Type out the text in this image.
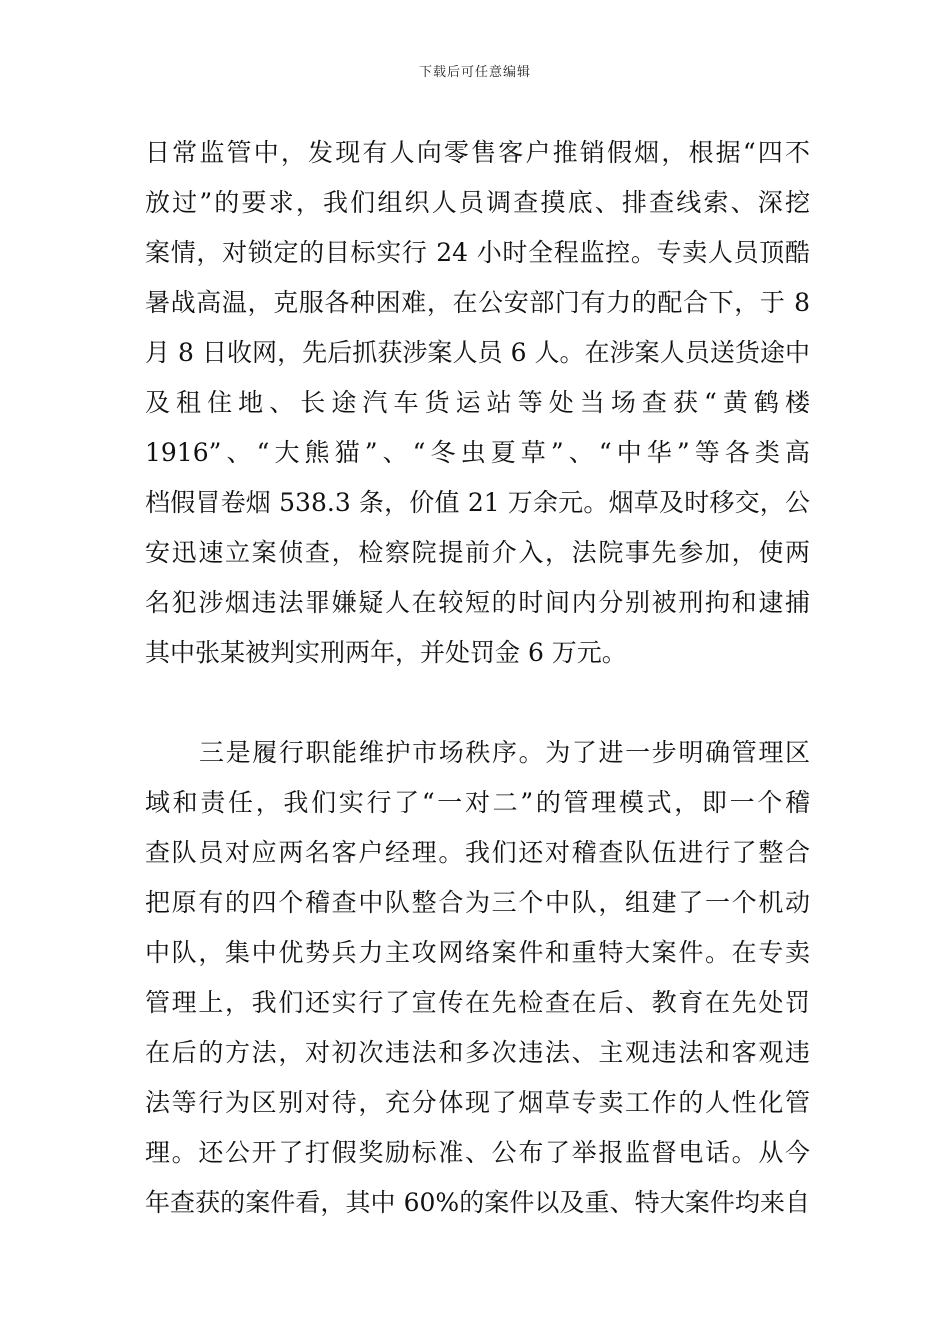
下载后可任意编辑
日常监管中，发现有人向零售客户推销假烟，根据“四不
放过”的要求，我们组织人员调查摸底、排查线索、深挖
案情，对锁定的目标实行 24 小时全程监控。专卖人员顶酷
暑战高温，克服各种困难，在公安部门有力的配合下，于 8
月 8 日收网，先后抓获涉案人员 6 人。在涉案人员送货途中
及租住地、长途汽车货运站等处当场查获“黄鹤楼
1916”、“大熊猫”、“冬虫夏草”、“中华”等各类高
档假冒卷烟 538.3 条，价值 21 万余元。烟草及时移交，公
安迅速立案侦查，检察院提前介入，法院事先参加，使两
名犯涉烟违法罪嫌疑人在较短的时间内分别被刑拘和逮捕
其中张某被判实刑两年，并处罚金 6 万元。
三是履行职能维护市场秩序。为了进一步明确管理区
域和责任，我们实行了“一对二”的管理模式，即一个稽
查队员对应两名客户经理。我们还对稽查队伍进行了整合
把原有的四个稽查中队整合为三个中队，组建了一个机动
中队，集中优势兵力主攻网络案件和重特大案件。在专卖
管理上，我们还实行了宣传在先检查在后、教育在先处罚
在后的方法，对初次违法和多次违法、主观违法和客观违
法等行为区别对待，充分体现了烟草专卖工作的人性化管
理。还公开了打假奖励标准、公布了举报监督电话。从今
年查获的案件看，其中 60%的案件以及重、特大案件均来自
